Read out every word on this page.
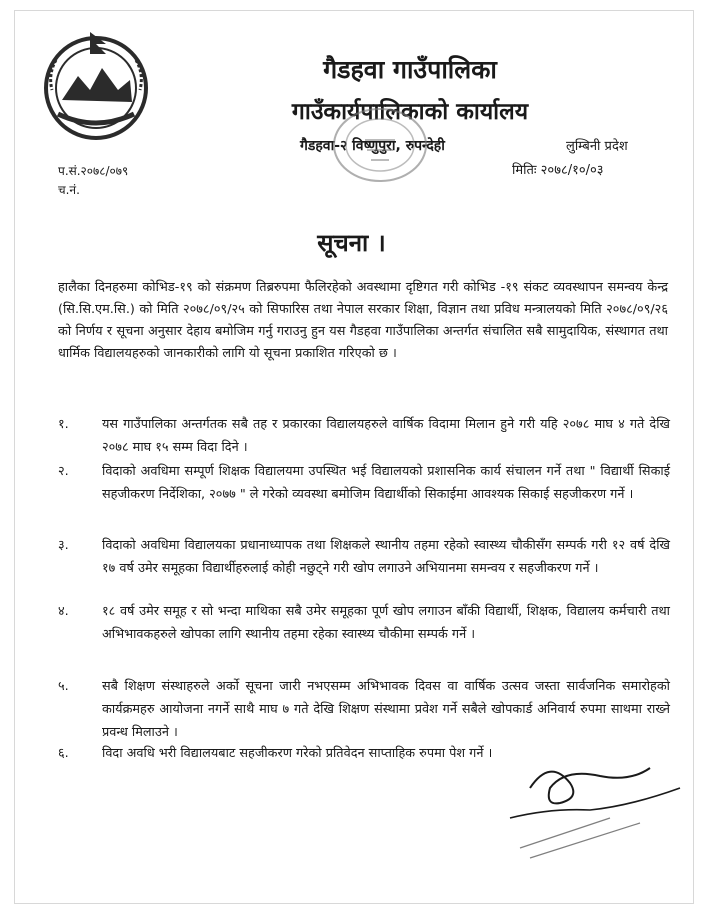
गैडहवा गाउँपालिका
गाउँकार्यपालिकाको कार्यालय
गैडहवा-२ विष्णुपुरा, रुपन्देही	लुम्बिनी प्रदेश
प.सं.२०७८/०७९
च.नं.
मितिः २०७८/१०/०३
सूचना ।
हालैका दिनहरुमा कोभिड-१९ को संक्रमण तिब्ररुपमा फैलिरहेको अवस्थामा दृष्टिगत गरी कोभिड -१९ संकट व्यवस्थापन समन्वय केन्द्र (सि.सि.एम.सि.) को मिति २०७८/०९/२५ को सिफारिस तथा नेपाल सरकार शिक्षा, विज्ञान तथा प्रविध मन्त्रालयको मिति २०७८/०९/२६ को निर्णय र सूचना अनुसार देहाय बमोजिम गर्नु गराउनु हुन यस गैडहवा गाउँपालिका अन्तर्गत संचालित सबै सामुदायिक, संस्थागत तथा धार्मिक विद्यालयहरुको जानकारीको लागि यो सूचना प्रकाशित गरिएको छ ।
१.	यस गाउँपालिका अन्तर्गतक सबै तह र प्रकारका विद्यालयहरुले वार्षिक विदामा मिलान हुने गरी यहि २०७८ माघ ४ गते देखि २०७८ माघ १५ सम्म विदा दिने ।
२.	विदाको अवधिमा सम्पूर्ण शिक्षक विद्यालयमा उपस्थित भई विद्यालयको प्रशासनिक कार्य संचालन गर्ने तथा " विद्यार्थी सिकाई सहजीकरण निर्देशिका, २०७७ " ले गरेको व्यवस्था बमोजिम विद्यार्थीको सिकाईमा आवश्यक सिकाई सहजीकरण गर्ने ।
३.	विदाको अवधिमा विद्यालयका प्रधानाध्यापक तथा शिक्षकले स्थानीय तहमा रहेको स्वास्थ्य चौकीसँग सम्पर्क गरी १२ वर्ष देखि १७ वर्ष उमेर समूहका विद्यार्थीहरुलाई कोही नछुट्ने गरी खोप लगाउने अभियानमा समन्वय र सहजीकरण गर्ने ।
४.	१८ वर्ष उमेर समूह र सो भन्दा माथिका सबै उमेर समूहका पूर्ण खोप लगाउन बाँकी विद्यार्थी, शिक्षक, विद्यालय कर्मचारी तथा अभिभावकहरुले खोपका लागि स्थानीय तहमा रहेका स्वास्थ्य चौकीमा सम्पर्क गर्ने ।
५.	सबै शिक्षण संस्थाहरुले अर्को सूचना जारी नभएसम्म अभिभावक दिवस वा वार्षिक उत्सव जस्ता सार्वजनिक समारोहको कार्यक्रमहरु आयोजना नगर्ने साथै माघ ७ गते देखि शिक्षण संस्थामा प्रवेश गर्ने सबैले खोपकार्ड अनिवार्य रुपमा साथमा राख्ने प्रवन्ध मिलाउने ।
६.	विदा अवधि भरी विद्यालयबाट सहजीकरण गरेको प्रतिवेदन साप्ताहिक रुपमा पेश गर्ने ।
